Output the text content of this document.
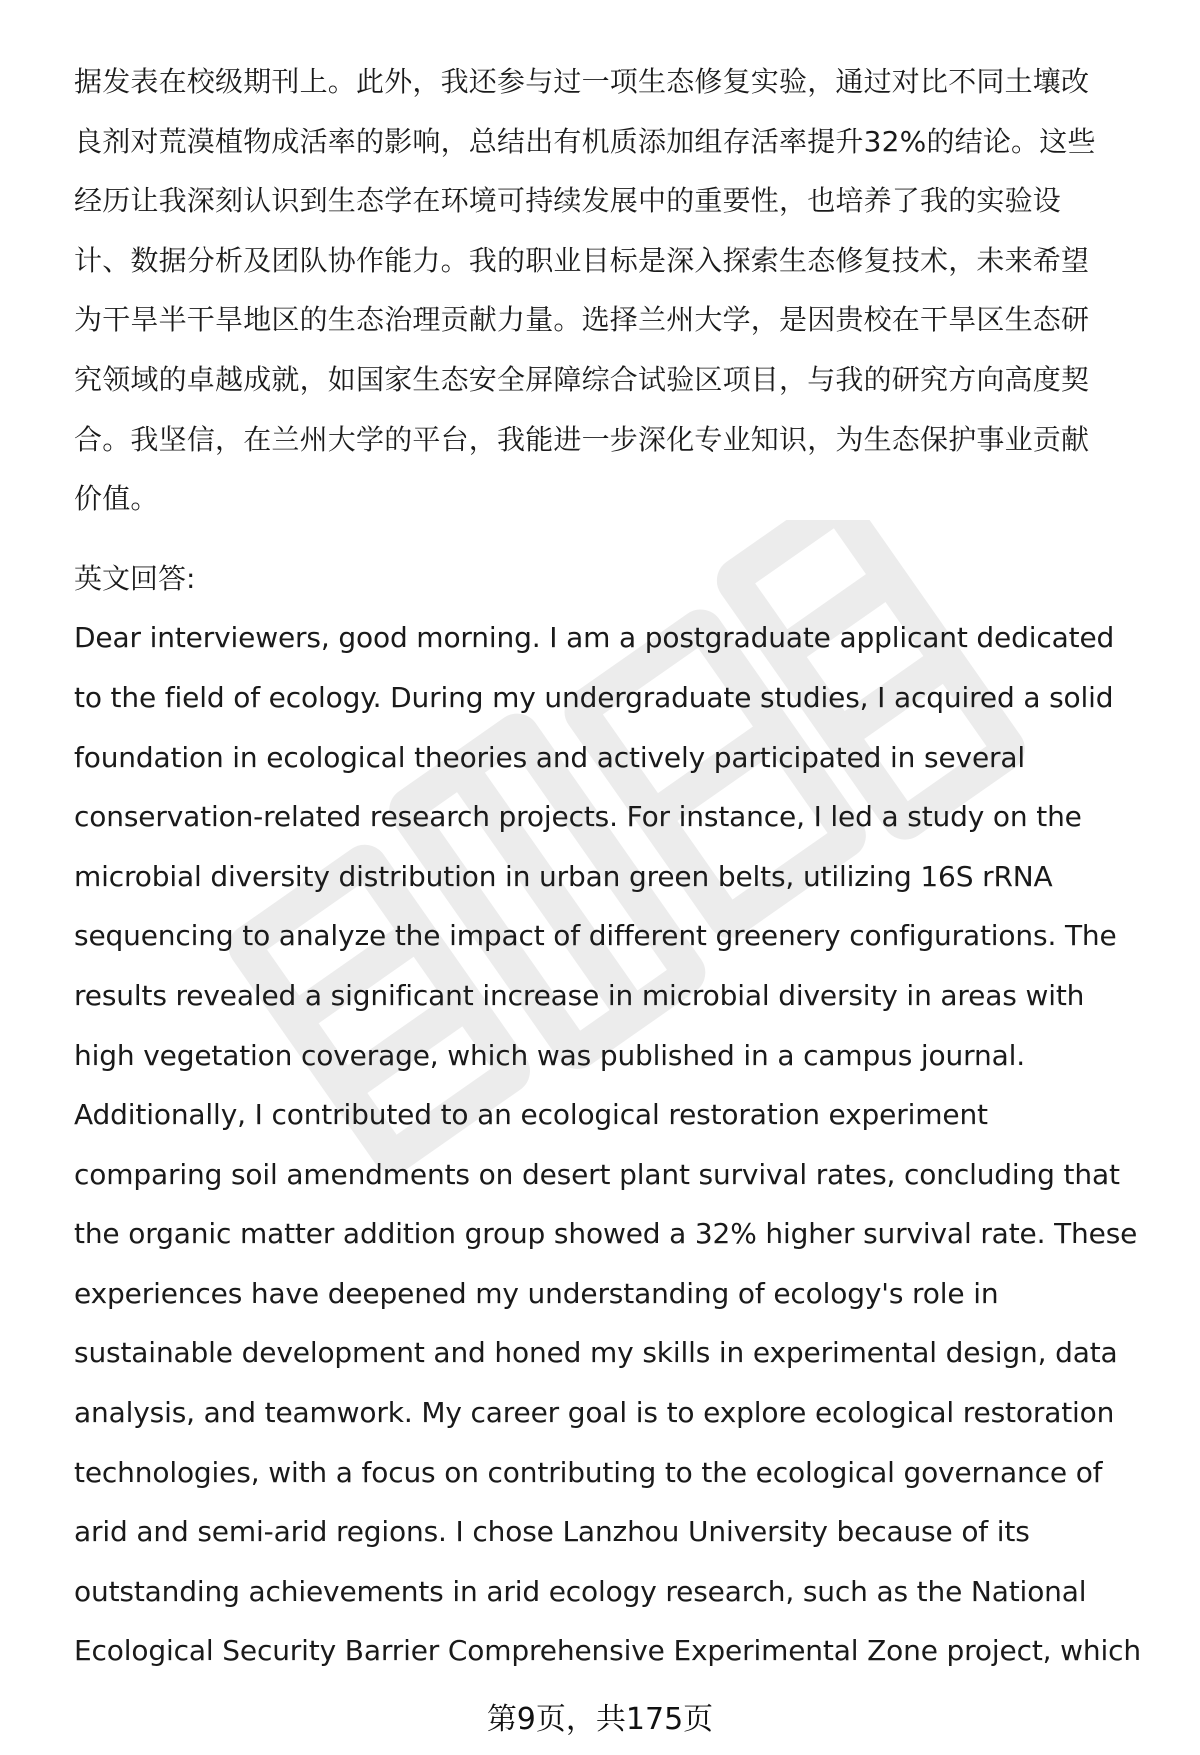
据发表在校级期刊上。此外，我还参与过一项生态修复实验，通过对比不同土壤改
良剂对荒漠植物成活率的影响，总结出有机质添加组存活率提升32%的结论。这些
经历让我深刻认识到生态学在环境可持续发展中的重要性，也培养了我的实验设
计、数据分析及团队协作能力。我的职业目标是深入探索生态修复技术，未来希望
为干旱半干旱地区的生态治理贡献力量。选择兰州大学，是因贵校在干旱区生态研
究领域的卓越成就，如国家生态安全屏障综合试验区项目，与我的研究方向高度契
合。我坚信，在兰州大学的平台，我能进一步深化专业知识，为生态保护事业贡献
价值。
英文回答:
Dear interviewers, good morning. I am a postgraduate applicant dedicated
to the field of ecology. During my undergraduate studies, I acquired a solid
foundation in ecological theories and actively participated in several
conservation-related research projects. For instance, I led a study on the
microbial diversity distribution in urban green belts, utilizing 16S rRNA
sequencing to analyze the impact of different greenery configurations. The
results revealed a significant increase in microbial diversity in areas with
high vegetation coverage, which was published in a campus journal.
Additionally, I contributed to an ecological restoration experiment
comparing soil amendments on desert plant survival rates, concluding that
the organic matter addition group showed a 32% higher survival rate. These
experiences have deepened my understanding of ecology's role in
sustainable development and honed my skills in experimental design, data
analysis, and teamwork. My career goal is to explore ecological restoration
technologies, with a focus on contributing to the ecological governance of
arid and semi-arid regions. I chose Lanzhou University because of its
outstanding achievements in arid ecology research, such as the National
Ecological Security Barrier Comprehensive Experimental Zone project, which
第9页，共175页
